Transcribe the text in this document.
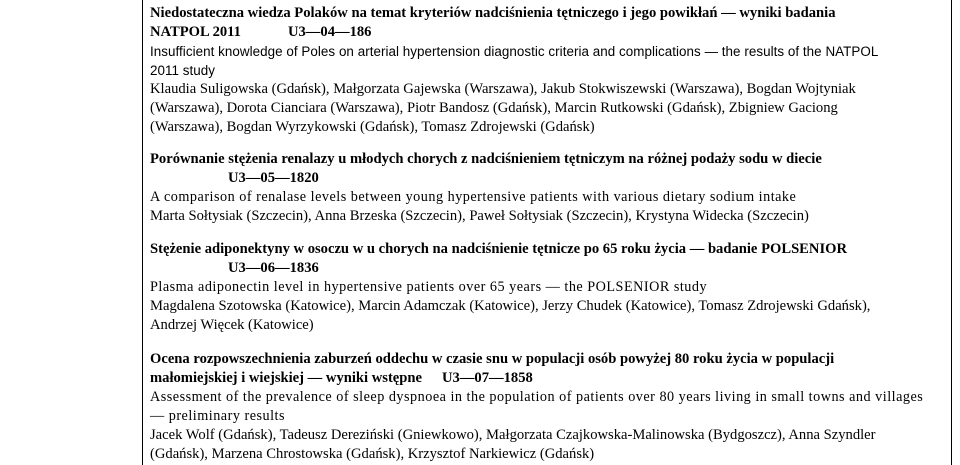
Niedostateczna wiedza Polaków na temat kryteriów nadciśnienia tętniczego i jego powikłań — wyniki badania
NATPOL 2011	U3—04—186
Insufficient knowledge of Poles on arterial hypertension diagnostic criteria and complications — the results of the NATPOL
2011 study
Klaudia Suligowska (Gdańsk), Małgorzata Gajewska (Warszawa), Jakub Stokwiszewski (Warszawa), Bogdan Wojtyniak
(Warszawa), Dorota Cianciara (Warszawa), Piotr Bandosz (Gdańsk), Marcin Rutkowski (Gdańsk), Zbigniew Gaciong
(Warszawa), Bogdan Wyrzykowski (Gdańsk), Tomasz Zdrojewski (Gdańsk)
Porównanie stężenia renalazy u młodych chorych z nadciśnieniem tętniczym na różnej podaży sodu w diecie
U3—05—1820
A comparison of renalase levels between young hypertensive patients with various dietary sodium intake
Marta Sołtysiak (Szczecin), Anna Brzeska (Szczecin), Paweł Sołtysiak (Szczecin), Krystyna Widecka (Szczecin)
Stężenie adiponektyny w osoczu w u chorych na nadciśnienie tętnicze po 65 roku życia — badanie POLSENIOR
U3—06—1836
Plasma adiponectin level in hypertensive patients over 65 years — the POLSENIOR study
Magdalena Szotowska (Katowice), Marcin Adamczak (Katowice), Jerzy Chudek (Katowice), Tomasz Zdrojewski Gdańsk),
Andrzej Więcek (Katowice)
Ocena rozpowszechnienia zaburzeń oddechu w czasie snu w populacji osób powyżej 80 roku życia w populacji
małomiejskiej i wiejskiej — wyniki wstępne U3—07—1858
Assessment of the prevalence of sleep dyspnoea in the population of patients over 80 years living in small towns and villages
— preliminary results
Jacek Wolf (Gdańsk), Tadeusz Dereziński (Gniewkowo), Małgorzata Czajkowska-Malinowska (Bydgoszcz), Anna Szyndler
(Gdańsk), Marzena Chrostowska (Gdańsk), Krzysztof Narkiewicz (Gdańsk)
